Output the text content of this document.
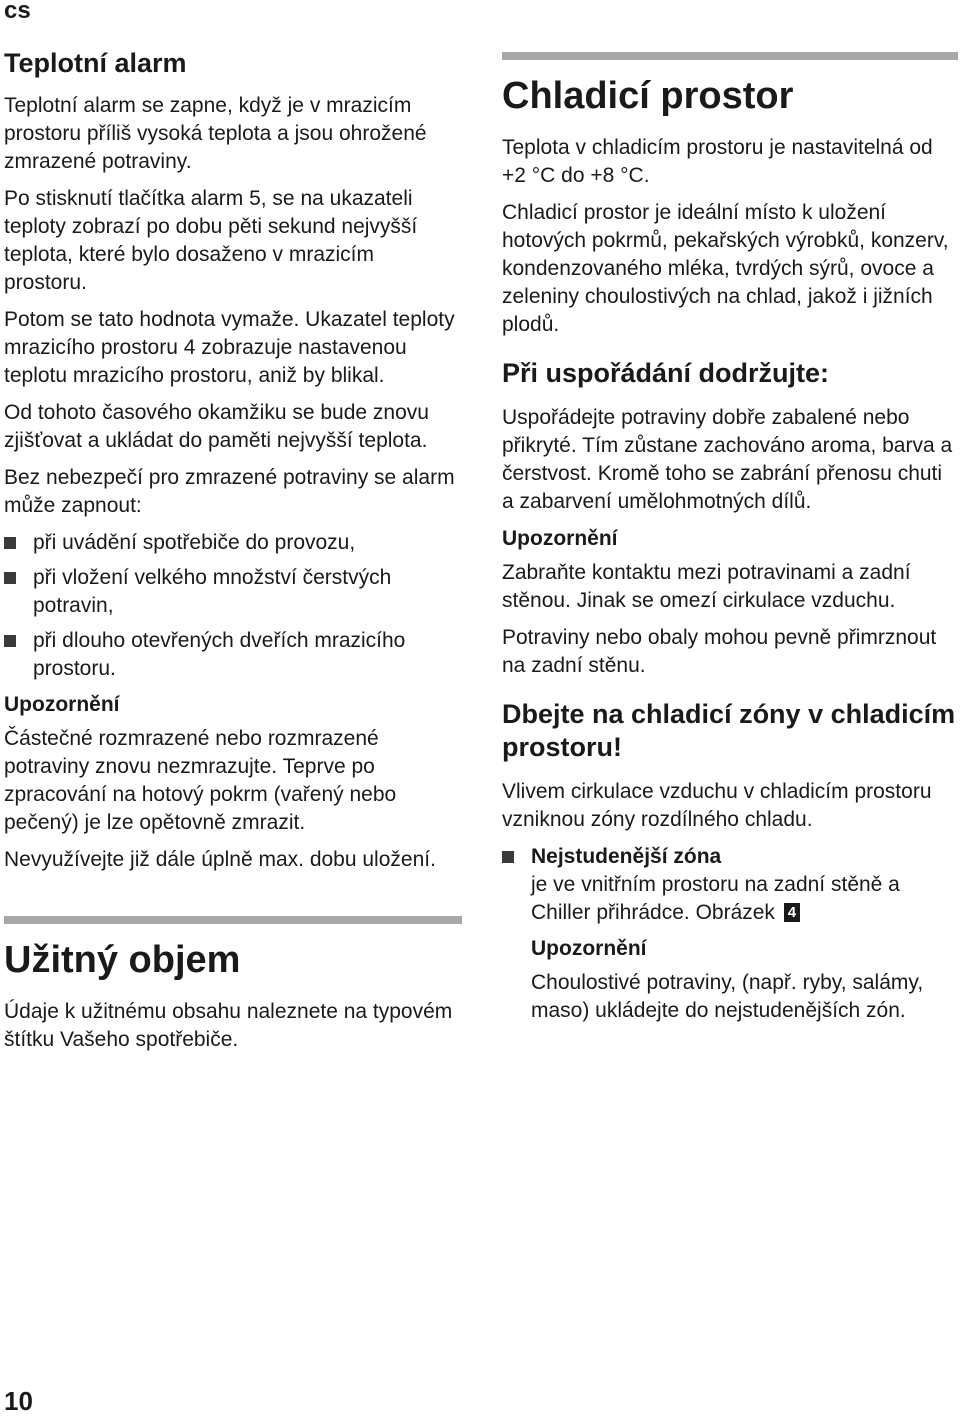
cs
Teplotní alarm

Teplotní alarm se zapne, když je v mrazicím prostoru příliš vysoká teplota a jsou ohrožené zmrazené potraviny.

Po stisknutí tlačítka alarm 5, se na ukazateli teploty zobrazí po dobu pěti sekund nejvyšší teplota, které bylo dosaženo v mrazicím prostoru.

Potom se tato hodnota vymaže. Ukazatel teploty mrazicího prostoru 4 zobrazuje nastavenou teplotu mrazicího prostoru, aniž by blikal.

Od tohoto časového okamžiku se bude znovu zjišťovat a ukládat do paměti nejvyšší teplota.

Bez nebezpečí pro zmrazené potraviny se alarm může zapnout:

při uvádění spotřebiče do provozu,
při vložení velkého množství čerstvých potravin,
při dlouho otevřených dveřích mrazicího prostoru.
Upozornění

Částečné rozmrazené nebo rozmrazené potraviny znovu nezmrazujte. Teprve po zpracování na hotový pokrm (vařený nebo pečený) je lze opětovně zmrazit.

Nevyužívejte již dále úplně max. dobu uložení.

Užitný objem

Údaje k užitnému obsahu naleznete na typovém štítku Vašeho spotřebiče.

Chladicí prostor

Teplota v chladicím prostoru je nastavitelná od +2 °C do +8 °C.

Chladicí prostor je ideální místo k uložení hotových pokrmů, pekařských výrobků, konzerv, kondenzovaného mléka, tvrdých sýrů, ovoce a zeleniny choulostivých na chlad, jakož i jižních plodů.

Při uspořádání dodržujte:

Uspořádejte potraviny dobře zabalené nebo přikryté. Tím zůstane zachováno aroma, barva a čerstvost. Kromě toho se zabrání přenosu chuti a zabarvení umělohmotných dílů.

Upozornění

Zabraňte kontaktu mezi potravinami a zadní stěnou. Jinak se omezí cirkulace vzduchu.

Potraviny nebo obaly mohou pevně přimrznout na zadní stěnu.

Dbejte na chladicí zóny v chladicím prostoru!

Vlivem cirkulace vzduchu v chladicím prostoru vzniknou zóny rozdílného chladu.

Nejstudenější zóna
je ve vnitřním prostoru na zadní stěně a Chiller přihrádce. Obrázek 4
Upozornění

Choulostivé potraviny, (např. ryby, salámy, maso) ukládejte do nejstudenějších zón.

10
